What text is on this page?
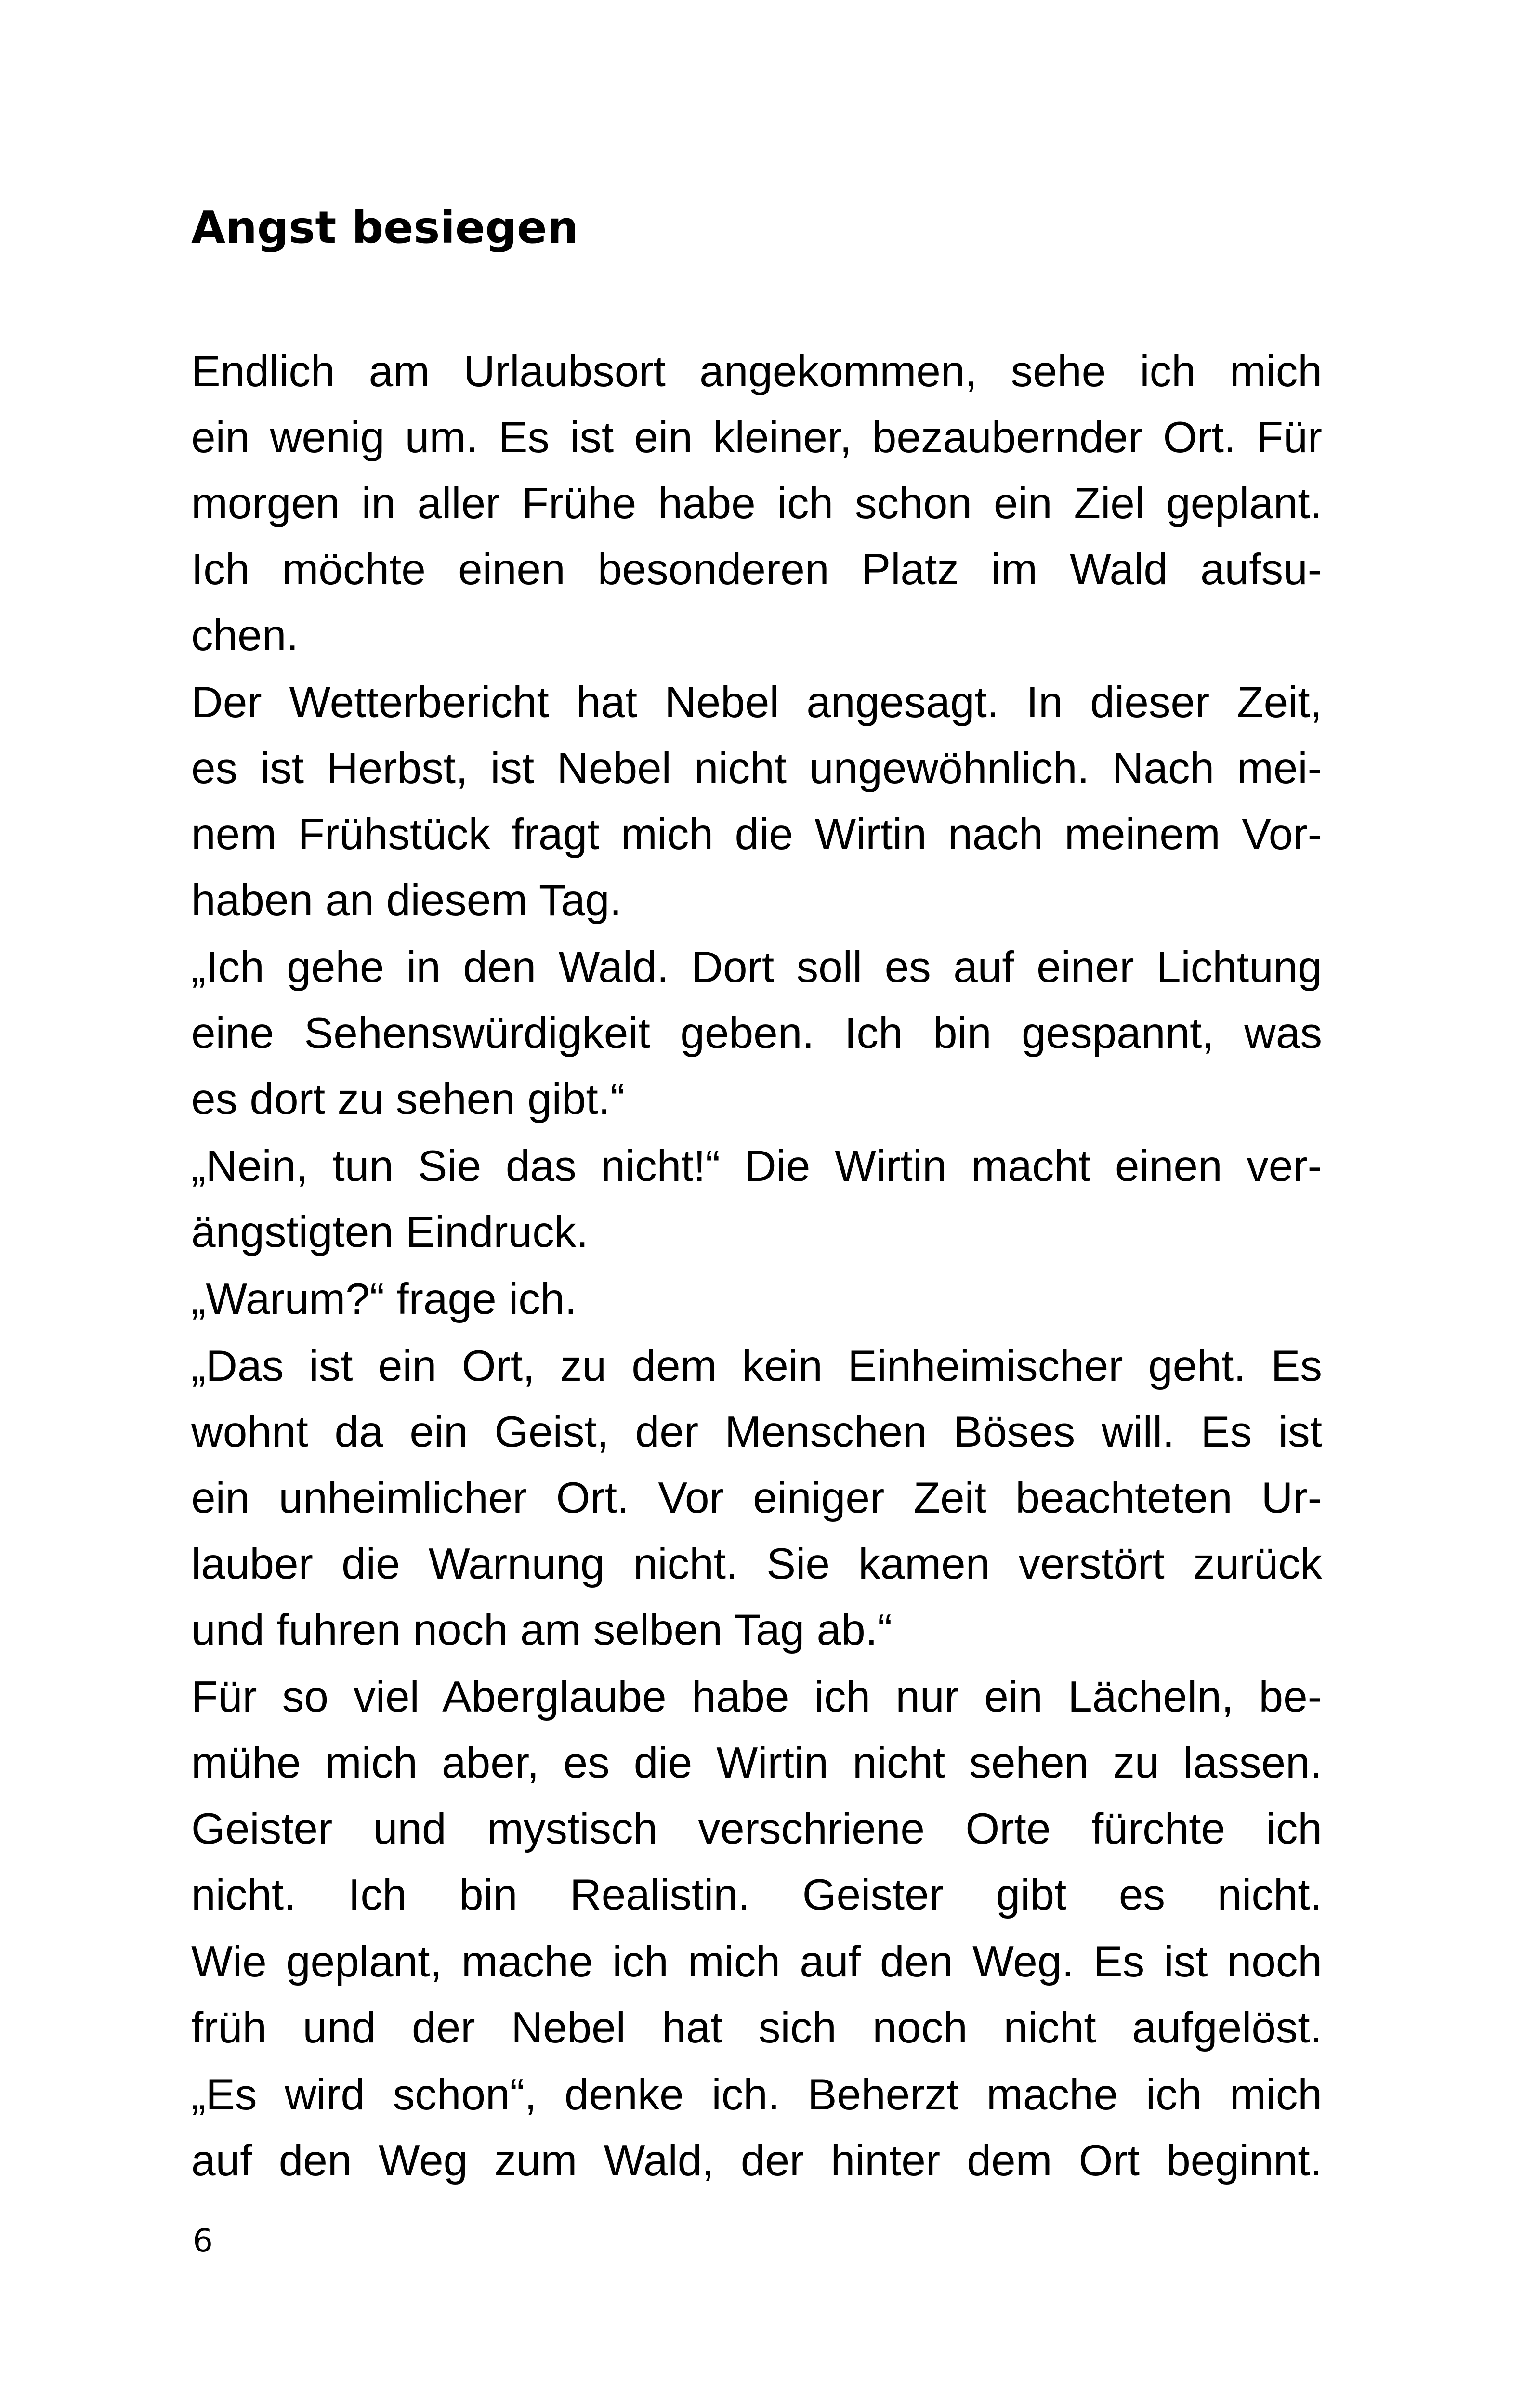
Angst besiegen
Endlich am Urlaubsort angekommen, sehe ich mich
ein wenig um. Es ist ein kleiner, bezaubernder Ort. Für
morgen in aller Frühe habe ich schon ein Ziel geplant.
Ich möchte einen besonderen Platz im Wald aufsu-
chen.
Der Wetterbericht hat Nebel angesagt. In dieser Zeit,
es ist Herbst, ist Nebel nicht ungewöhnlich. Nach mei-
nem Frühstück fragt mich die Wirtin nach meinem Vor-
haben an diesem Tag.
„Ich gehe in den Wald. Dort soll es auf einer Lichtung
eine Sehenswürdigkeit geben. Ich bin gespannt, was
es dort zu sehen gibt.“
„Nein, tun Sie das nicht!“ Die Wirtin macht einen ver-
ängstigten Eindruck.
„Warum?“ frage ich.
„Das ist ein Ort, zu dem kein Einheimischer geht. Es
wohnt da ein Geist, der Menschen Böses will. Es ist
ein unheimlicher Ort. Vor einiger Zeit beachteten Ur-
lauber die Warnung nicht. Sie kamen verstört zurück
und fuhren noch am selben Tag ab.“
Für so viel Aberglaube habe ich nur ein Lächeln, be-
mühe mich aber, es die Wirtin nicht sehen zu lassen.
Geister und mystisch verschriene Orte fürchte ich
nicht. Ich bin Realistin. Geister gibt es nicht.
Wie geplant, mache ich mich auf den Weg. Es ist noch
früh und der Nebel hat sich noch nicht aufgelöst.
„Es wird schon“, denke ich. Beherzt mache ich mich
auf den Weg zum Wald, der hinter dem Ort beginnt.
6
